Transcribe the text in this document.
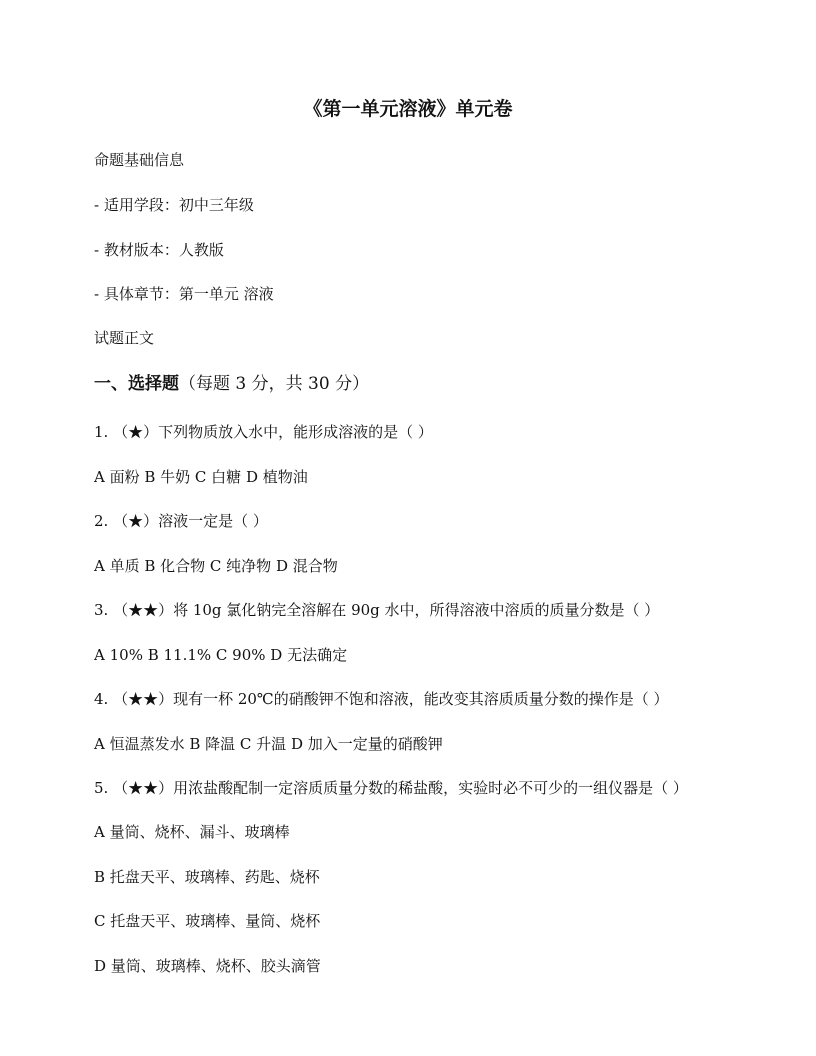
《第一单元溶液》单元卷
命题基础信息
- 适用学段：初中三年级
- 教材版本：人教版
- 具体章节：第一单元 溶液
试题正文
一、选择题（每题 3 分，共 30 分）
1. （★）下列物质放入水中，能形成溶液的是（ ）
A 面粉 B 牛奶 C 白糖 D 植物油
2. （★）溶液一定是（ ）
A 单质 B 化合物 C 纯净物 D 混合物
3. （★★）将 10g 氯化钠完全溶解在 90g 水中，所得溶液中溶质的质量分数是（ ）
A 10% B 11.1% C 90% D 无法确定
4. （★★）现有一杯 20℃的硝酸钾不饱和溶液，能改变其溶质质量分数的操作是（ ）
A 恒温蒸发水 B 降温 C 升温 D 加入一定量的硝酸钾
5. （★★）用浓盐酸配制一定溶质质量分数的稀盐酸，实验时必不可少的一组仪器是（ ）
A 量筒、烧杯、漏斗、玻璃棒
B 托盘天平、玻璃棒、药匙、烧杯
C 托盘天平、玻璃棒、量筒、烧杯
D 量筒、玻璃棒、烧杯、胶头滴管
